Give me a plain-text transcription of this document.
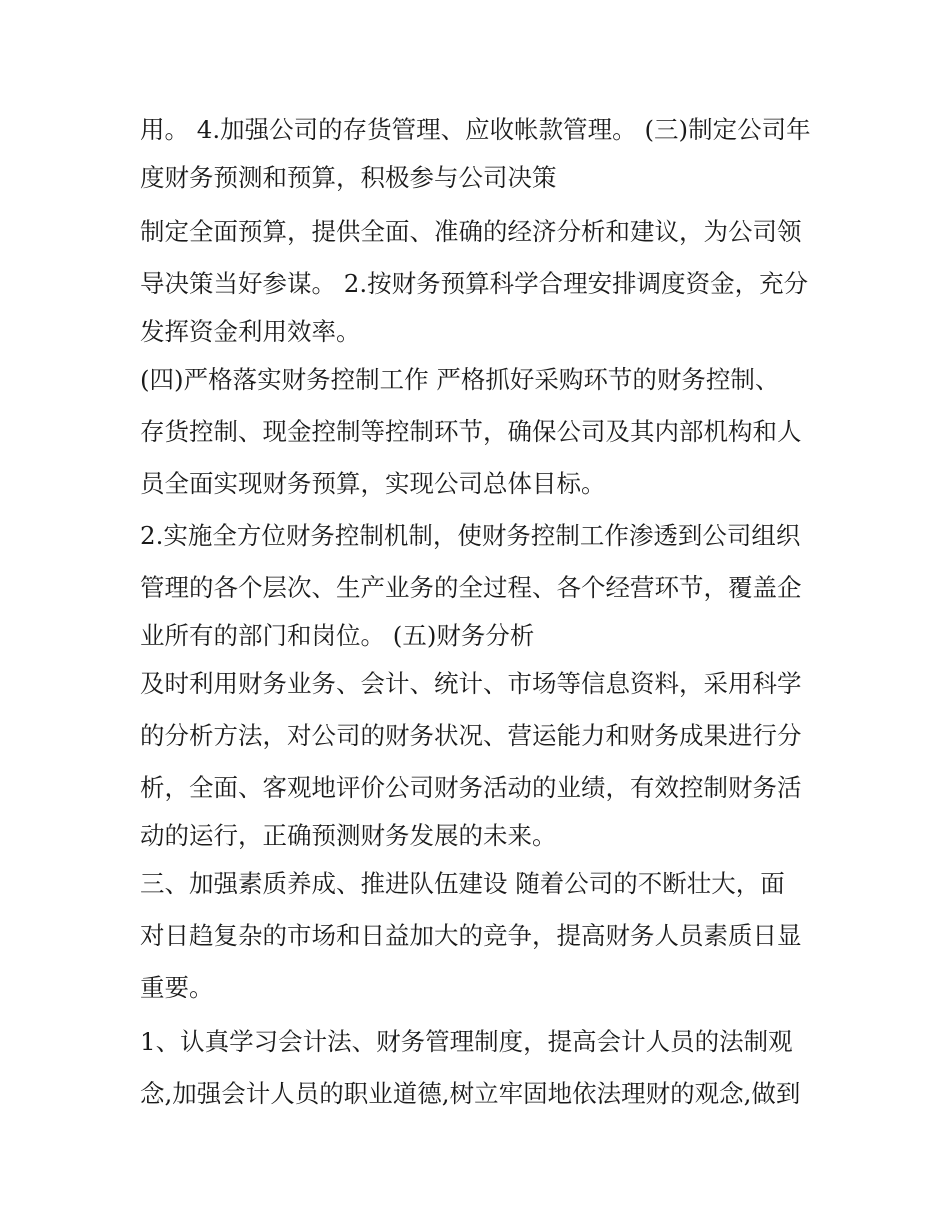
用。 4.加强公司的存货管理、应收帐款管理。 (三)制定公司年
度财务预测和预算，积极参与公司决策
制定全面预算，提供全面、准确的经济分析和建议，为公司领
导决策当好参谋。 2.按财务预算科学合理安排调度资金，充分
发挥资金利用效率。
(四)严格落实财务控制工作 严格抓好采购环节的财务控制、
存货控制、现金控制等控制环节，确保公司及其内部机构和人
员全面实现财务预算，实现公司总体目标。
2.实施全方位财务控制机制，使财务控制工作渗透到公司组织
管理的各个层次、生产业务的全过程、各个经营环节，覆盖企
业所有的部门和岗位。 (五)财务分析
及时利用财务业务、会计、统计、市场等信息资料，采用科学
的分析方法，对公司的财务状况、营运能力和财务成果进行分
析，全面、客观地评价公司财务活动的业绩，有效控制财务活
动的运行，正确预测财务发展的未来。
三、加强素质养成、推进队伍建设 随着公司的不断壮大，面
对日趋复杂的市场和日益加大的竞争，提高财务人员素质日显
重要。
1、认真学习会计法、财务管理制度，提高会计人员的法制观
念,加强会计人员的职业道德,树立牢固地依法理财的观念,做到
